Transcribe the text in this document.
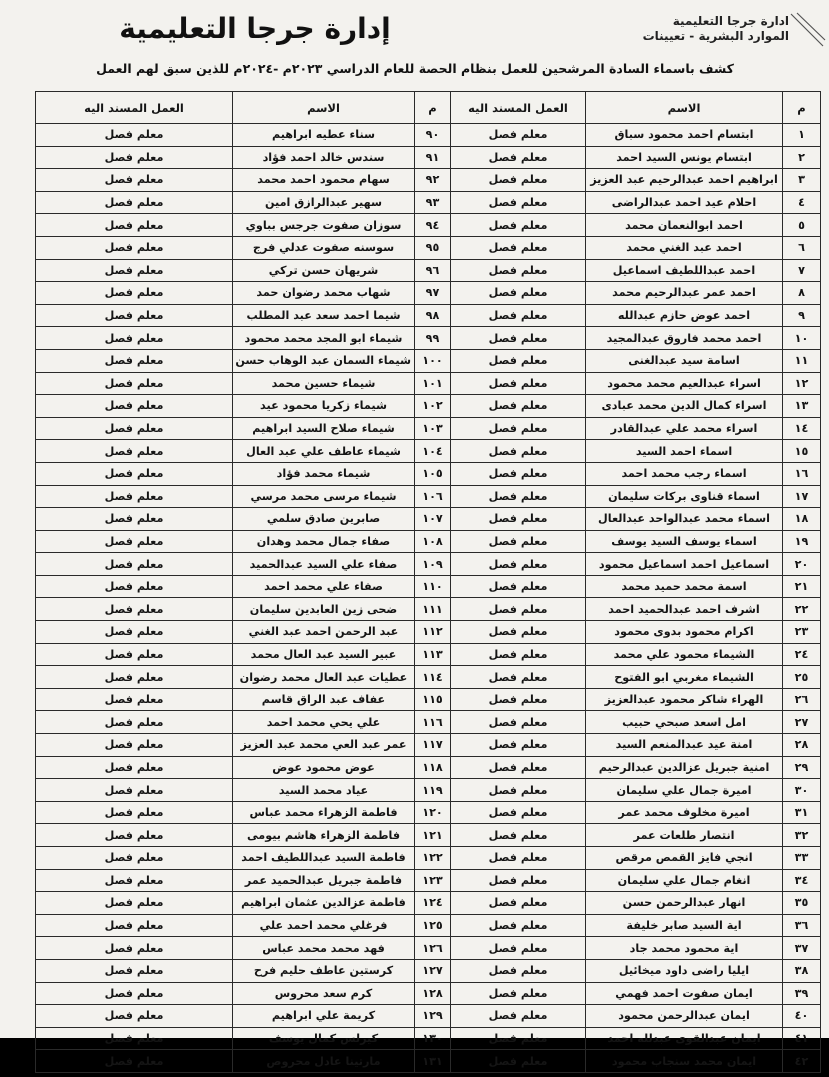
إدارة جرجا التعليمية	ادارة جرجا التعليمية
الموارد البشرية - تعيينات
كشف باسماء السادة المرشحين للعمل بنظام الحصة للعام الدراسي ٢٠٢٣م -٢٠٢٤م للذين سبق لهم العمل
م	الاسم	العمل المسند اليه	م	الاسم	العمل المسند اليه
١	ابتسام احمد محمود سباق	معلم فصل	٩٠	سناء عطيه ابراهيم	معلم فصل
٢	ابتسام يونس السيد احمد	معلم فصل	٩١	سندس خالد احمد فؤاد	معلم فصل
٣	ابراهيم احمد عبدالرحيم عبد العزيز	معلم فصل	٩٢	سهام محمود احمد محمد	معلم فصل
٤	احلام عيد احمد عبدالراضى	معلم فصل	٩٣	سهير عبدالرازق امين	معلم فصل
٥	احمد ابوالنعمان محمد	معلم فصل	٩٤	سوزان صفوت جرجس بباوي	معلم فصل
٦	احمد عبد الغني محمد	معلم فصل	٩٥	سوسنه صفوت عدلي فرج	معلم فصل
٧	احمد عبداللطيف اسماعيل	معلم فصل	٩٦	شريهان حسن تركي	معلم فصل
٨	احمد عمر عبدالرحيم محمد	معلم فصل	٩٧	شهاب محمد رضوان حمد	معلم فصل
٩	احمد عوض حازم عبدالله	معلم فصل	٩٨	شيما احمد سعد عبد المطلب	معلم فصل
١٠	احمد محمد فاروق عبدالمجيد	معلم فصل	٩٩	شيماء ابو المجد محمد محمود	معلم فصل
١١	اسامة سيد عبدالغنى	معلم فصل	١٠٠	شيماء السمان عبد الوهاب حسن	معلم فصل
١٢	اسراء عبدالعيم محمد محمود	معلم فصل	١٠١	شيماء حسين محمد	معلم فصل
١٣	اسراء كمال الدين محمد عبادى	معلم فصل	١٠٢	شيماء زكريا محمود عيد	معلم فصل
١٤	اسراء محمد علي عبدالقادر	معلم فصل	١٠٣	شيماء صلاح السيد ابراهيم	معلم فصل
١٥	اسماء احمد السيد	معلم فصل	١٠٤	شيماء عاطف علي عبد العال	معلم فصل
١٦	اسماء رجب محمد احمد	معلم فصل	١٠٥	شيماء محمد فؤاد	معلم فصل
١٧	اسماء قناوى بركات سليمان	معلم فصل	١٠٦	شيماء مرسى محمد مرسي	معلم فصل
١٨	اسماء محمد عبدالواحد عبدالعال	معلم فصل	١٠٧	صابرين صادق سلمي	معلم فصل
١٩	اسماء يوسف السيد يوسف	معلم فصل	١٠٨	صفاء جمال محمد وهدان	معلم فصل
٢٠	اسماعيل احمد اسماعيل محمود	معلم فصل	١٠٩	صفاء علي السيد عبدالحميد	معلم فصل
٢١	اسمة محمد حميد محمد	معلم فصل	١١٠	صفاء علي محمد احمد	معلم فصل
٢٢	اشرف احمد عبدالحميد احمد	معلم فصل	١١١	ضحى زين العابدين سليمان	معلم فصل
٢٣	اكرام محمود بدوى محمود	معلم فصل	١١٢	عبد الرحمن احمد عبد الغني	معلم فصل
٢٤	الشيماء محمود علي محمد	معلم فصل	١١٣	عبير السيد عبد العال محمد	معلم فصل
٢٥	الشيماء مغربي ابو الفتوح	معلم فصل	١١٤	عطيات عبد العال محمد رضوان	معلم فصل
٢٦	الهراء شاكر محمود عبدالعزيز	معلم فصل	١١٥	عفاف عبد الراق قاسم	معلم فصل
٢٧	امل اسعد صبحي حبيب	معلم فصل	١١٦	علي يحي محمد احمد	معلم فصل
٢٨	امنة عيد عبدالمنعم السيد	معلم فصل	١١٧	عمر عبد العي محمد عبد العزيز	معلم فصل
٢٩	امنية جبريل عزالدين عبدالرحيم	معلم فصل	١١٨	عوض محمود عوض	معلم فصل
٣٠	اميرة جمال علي سليمان	معلم فصل	١١٩	عياد محمد السيد	معلم فصل
٣١	اميرة مخلوف محمد عمر	معلم فصل	١٢٠	فاطمة الزهراء محمد عباس	معلم فصل
٣٢	انتصار طلعات عمر	معلم فصل	١٢١	فاطمة الزهراء هاشم بيومى	معلم فصل
٣٣	انجي فايز القمص مرقص	معلم فصل	١٢٢	فاطمة السيد عبداللطيف احمد	معلم فصل
٣٤	انغام جمال علي سليمان	معلم فصل	١٢٣	فاطمة جبريل عبدالحميد عمر	معلم فصل
٣٥	انهار عبدالرحمن حسن	معلم فصل	١٢٤	فاطمة عزالدين عثمان ابراهيم	معلم فصل
٣٦	اية السيد صابر خليفة	معلم فصل	١٢٥	فرغلي محمد احمد علي	معلم فصل
٣٧	اية محمود محمد جاد	معلم فصل	١٢٦	فهد محمد محمد عباس	معلم فصل
٣٨	ايليا راضى داود ميخائيل	معلم فصل	١٢٧	كرستين عاطف حليم فرح	معلم فصل
٣٩	ايمان صفوت احمد فهمي	معلم فصل	١٢٨	كرم سعد محروس	معلم فصل
٤٠	ايمان عبدالرحمن محمود	معلم فصل	١٢٩	كريمة علي ابراهيم	معلم فصل
٤١	ايمان عبدالقوى عبدلله احمد	معلم فصل	١٣٠	كيرلس كمال يوسف	معلم فصل
٤٢	ايمان محمد سنجاب محمود	معلم فصل	١٣١	مارتينا عادل محروص	معلم فصل
